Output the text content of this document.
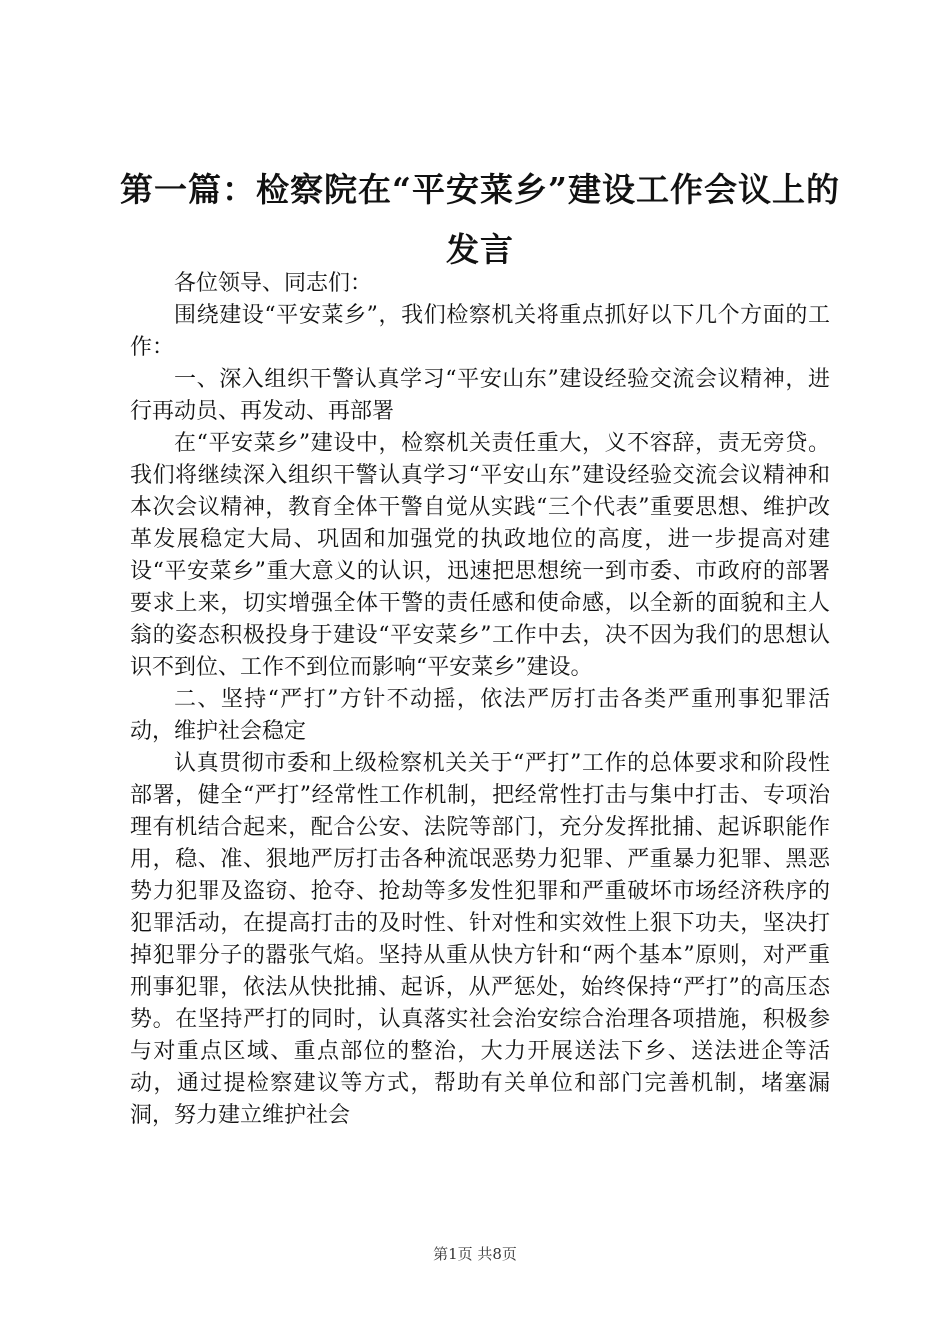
第一篇：检察院在“平安菜乡”建设工作会议上的发言

各位领导、同志们：

围绕建设“平安菜乡”，我们检察机关将重点抓好以下几个方面的工作：

一、深入组织干警认真学习“平安山东”建设经验交流会议精神，进行再动员、再发动、再部署

在“平安菜乡”建设中，检察机关责任重大，义不容辞，责无旁贷。我们将继续深入组织干警认真学习“平安山东”建设经验交流会议精神和本次会议精神，教育全体干警自觉从实践“三个代表”重要思想、维护改革发展稳定大局、巩固和加强党的执政地位的高度，进一步提高对建设“平安菜乡”重大意义的认识，迅速把思想统一到市委、市政府的部署要求上来，切实增强全体干警的责任感和使命感，以全新的面貌和主人翁的姿态积极投身于建设“平安菜乡”工作中去，决不因为我们的思想认识不到位、工作不到位而影响“平安菜乡”建设。

二、坚持“严打”方针不动摇，依法严厉打击各类严重刑事犯罪活动，维护社会稳定

认真贯彻市委和上级检察机关关于“严打”工作的总体要求和阶段性部署，健全“严打”经常性工作机制，把经常性打击与集中打击、专项治理有机结合起来，配合公安、法院等部门，充分发挥批捕、起诉职能作用，稳、准、狠地严厉打击各种流氓恶势力犯罪、严重暴力犯罪、黑恶势力犯罪及盗窃、抢夺、抢劫等多发性犯罪和严重破坏市场经济秩序的犯罪活动，在提高打击的及时性、针对性和实效性上狠下功夫，坚决打掉犯罪分子的嚣张气焰。坚持从重从快方针和“两个基本”原则，对严重刑事犯罪，依法从快批捕、起诉，从严惩处，始终保持“严打”的高压态势。在坚持严打的同时，认真落实社会治安综合治理各项措施，积极参与对重点区域、重点部位的整治，大力开展送法下乡、送法进企等活动，通过提检察建议等方式，帮助有关单位和部门完善机制，堵塞漏洞，努力建立维护社会

第1页 共8页
